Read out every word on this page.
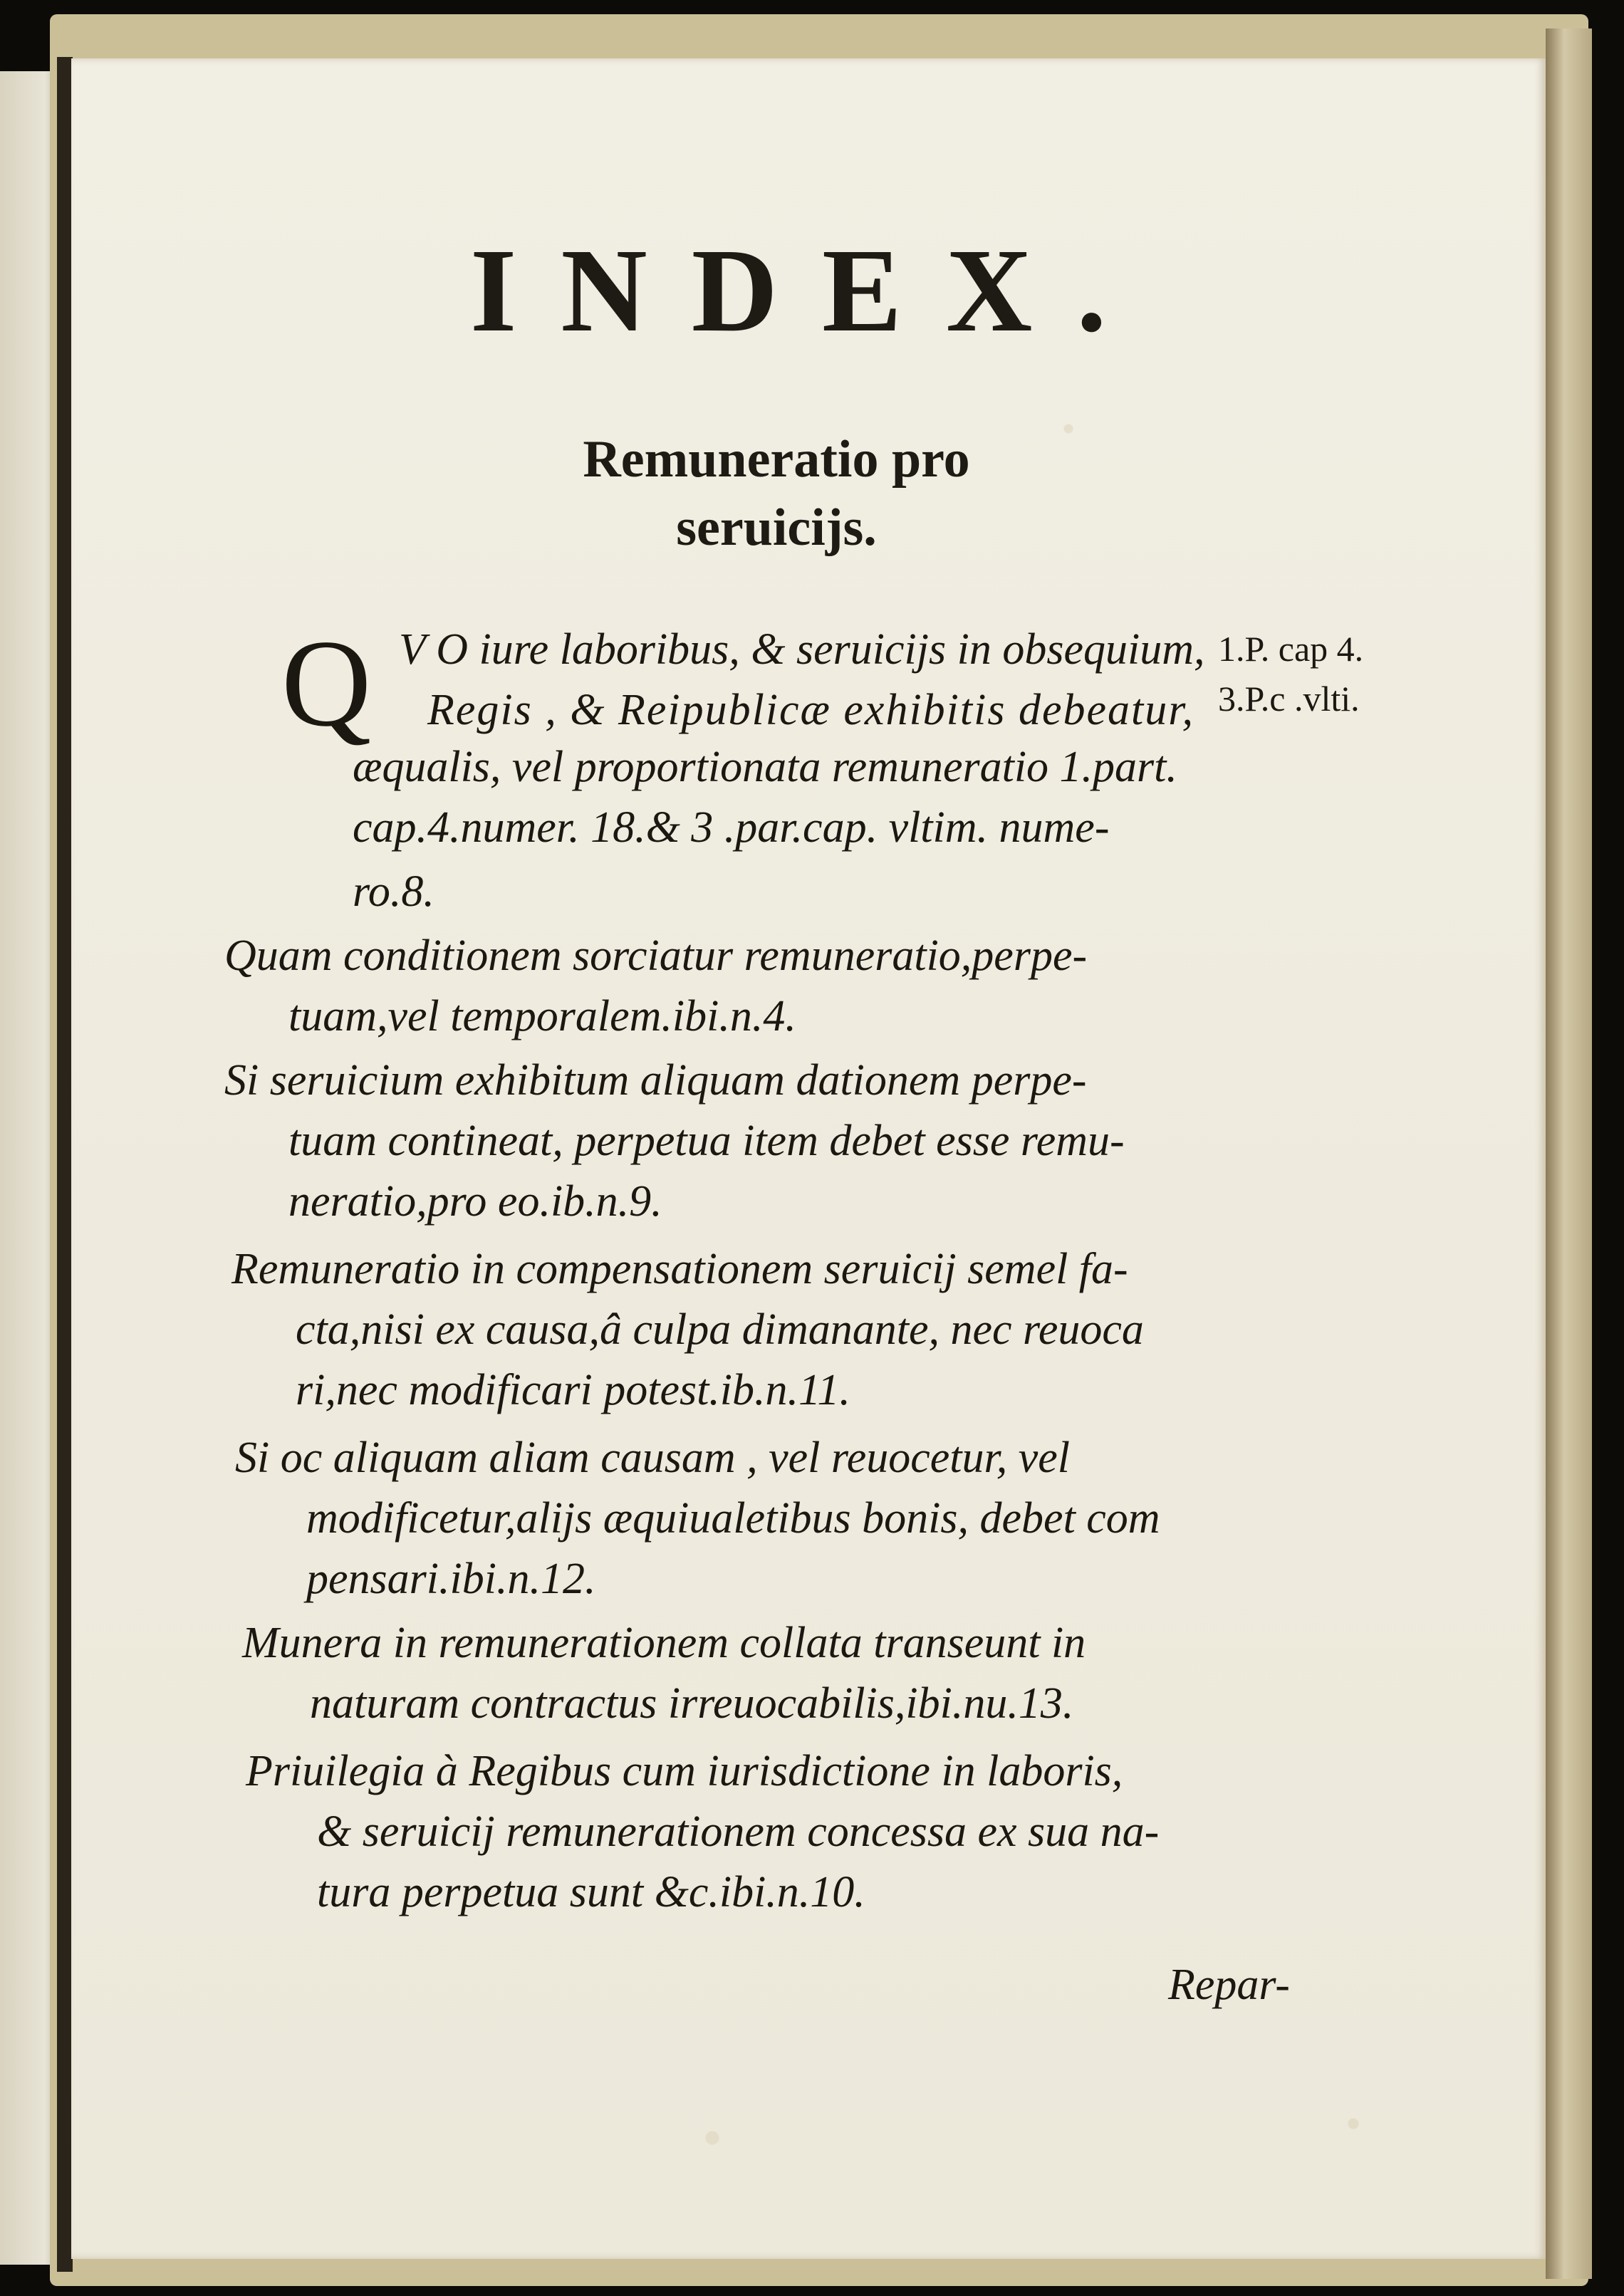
INDEX.
Remuneratio pro
seruicijs.
Q V O iure laboribus, & seruicijs in obsequium,

Regis , & Reipublicæ exhibitis debeatur,

æqualis, vel proportionata remuneratio 1.part.

cap.4.numer. 18.& 3 .par.cap. vltim. nume-

ro.8.

Quam conditionem sorciatur remuneratio,perpe-

tuam,vel temporalem.ibi.n.4.

Si seruicium exhibitum aliquam dationem perpe-

tuam contineat, perpetua item debet esse remu-

neratio,pro eo.ib.n.9.

Remuneratio in compensationem seruicij semel fa-

cta,nisi ex causa,â culpa dimanante, nec reuoca

ri,nec modificari potest.ib.n.11.

Si oc aliquam aliam causam , vel reuocetur, vel

modificetur,alijs æquiualetibus bonis, debet com

pensari.ibi.n.12.

Munera in remunerationem collata transeunt in

naturam contractus irreuocabilis,ibi.nu.13.

Priuilegia à Regibus cum iurisdictione in laboris,

& seruicij remunerationem concessa ex sua na-

tura perpetua sunt &c.ibi.n.10.

1.P. cap 4.
3.P.c .vlti.
Repar-
